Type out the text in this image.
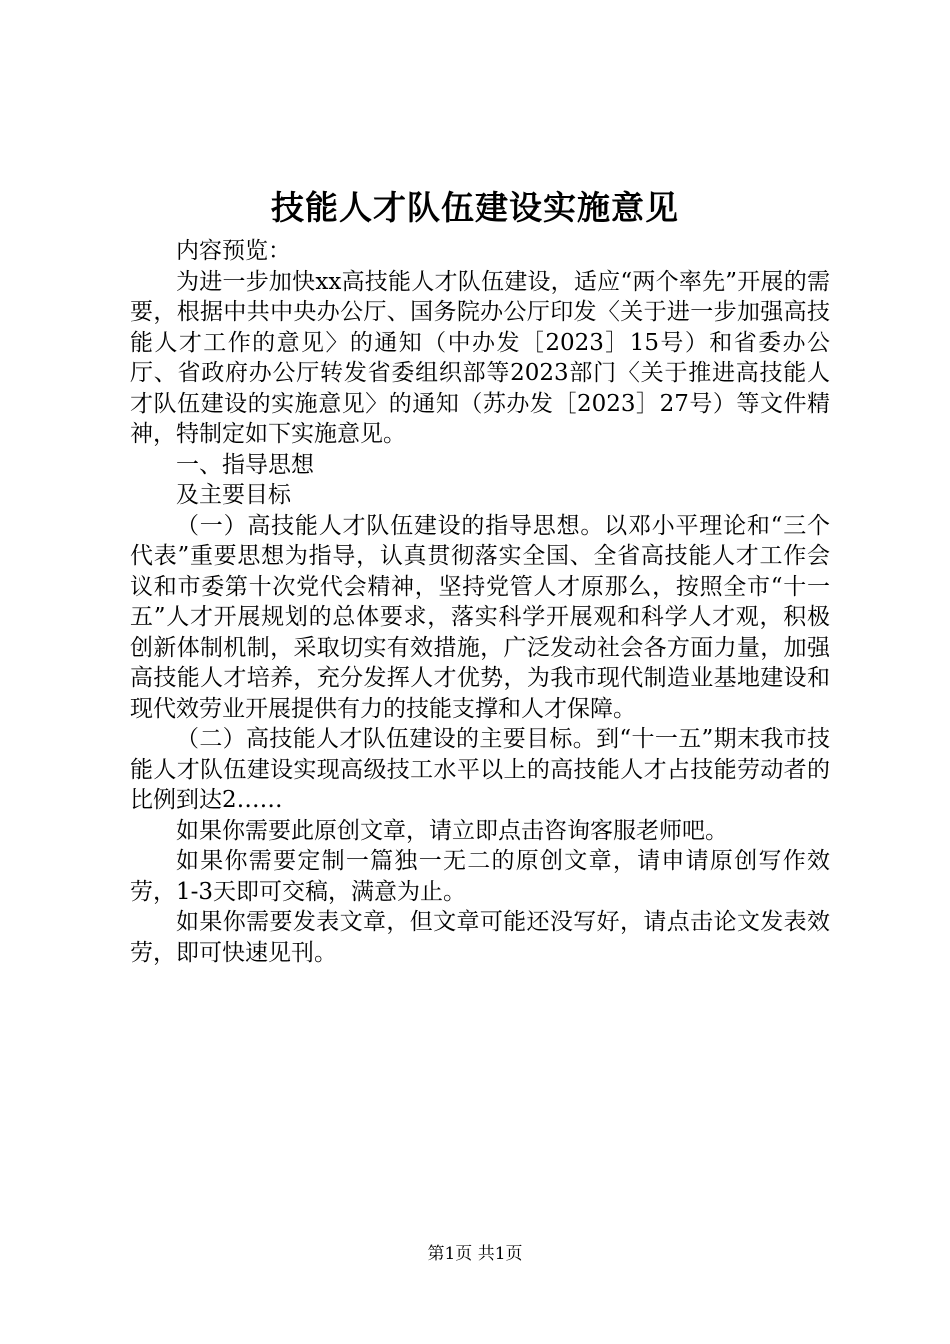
技能人才队伍建设实施意见

内容预览：

为进一步加快xx高技能人才队伍建设，适应“两个率先”开展的需要，根据中共中央办公厅、国务院办公厅印发〈关于进一步加强高技能人才工作的意见〉的通知（中办发［2023］15号）和省委办公厅、省政府办公厅转发省委组织部等2023部门〈关于推进高技能人才队伍建设的实施意见〉的通知（苏办发［2023］27号）等文件精神，特制定如下实施意见。

一、指导思想

及主要目标

（一）高技能人才队伍建设的指导思想。以邓小平理论和“三个代表”重要思想为指导，认真贯彻落实全国、全省高技能人才工作会议和市委第十次党代会精神，坚持党管人才原那么，按照全市“十一五”人才开展规划的总体要求，落实科学开展观和科学人才观，积极创新体制机制，采取切实有效措施，广泛发动社会各方面力量，加强高技能人才培养，充分发挥人才优势，为我市现代制造业基地建设和现代效劳业开展提供有力的技能支撑和人才保障。

（二）高技能人才队伍建设的主要目标。到“十一五”期末我市技能人才队伍建设实现高级技工水平以上的高技能人才占技能劳动者的比例到达2……

如果你需要此原创文章，请立即点击咨询客服老师吧。

如果你需要定制一篇独一无二的原创文章，请申请原创写作效劳，1-3天即可交稿，满意为止。

如果你需要发表文章，但文章可能还没写好，请点击论文发表效劳，即可快速见刊。

第1页 共1页
